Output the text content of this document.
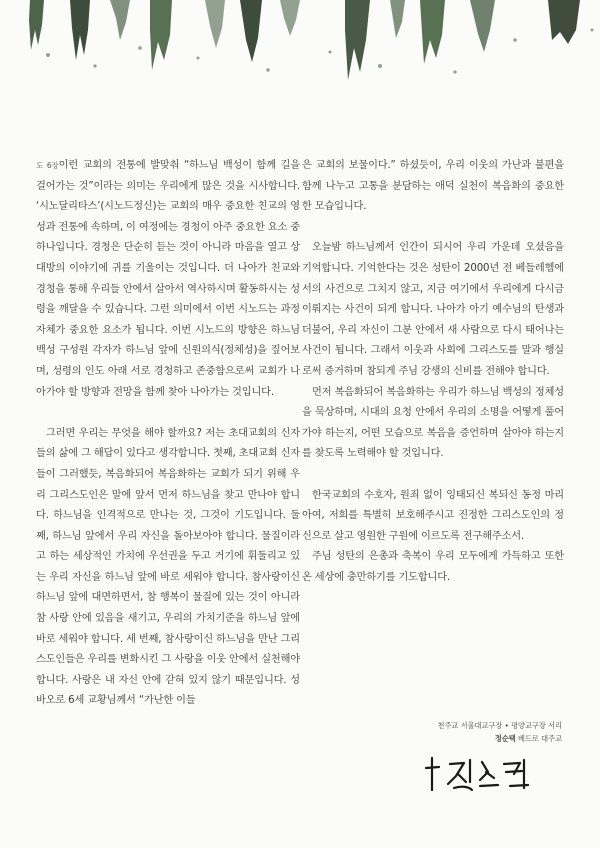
도 6장이런 교회의 전통에 발맞춰 “하느님 백성이 함께 길을 걸어가는 것”이라는 의미는 우리에게 많은 것을 시사합니다. ‘시노달리타스’(시노드정신)는 교회의 매우 중요한 친교의 영성과 전통에 속하며, 이 여정에는 경청이 아주 중요한 요소 중 하나입니다. 경청은 단순히 듣는 것이 아니라 마음을 열고 상대방의 이야기에 귀를 기울이는 것입니다. 더 나아가 친교와 경청을 통해 우리들 안에서 살아서 역사하시며 활동하시는 성령을 깨달을 수 있습니다. 그런 의미에서 이번 시노드는 과정 자체가 중요한 요소가 됩니다. 이번 시노드의 방향은 하느님 백성 구성원 각자가 하느님 앞에 신원의식(정체성)을 짚어보며, 성령의 인도 아래 서로 경청하고 존중함으로써 교회가 나아가야 할 방향과 전망을 함께 찾아 나아가는 것입니다.

그러면 우리는 무엇을 해야 할까요? 저는 초대교회의 신자들의 삶에 그 해답이 있다고 생각합니다. 첫째, 초대교회 신자들이 그러했듯, 복음화되어 복음화하는 교회가 되기 위해 우리 그리스도인은 말에 앞서 먼저 하느님을 찾고 만나야 합니다. 하느님을 인격적으로 만나는 것, 그것이 기도입니다. 둘째, 하느님 앞에서 우리 자신을 돌아보아야 합니다. 물질이라고 하는 세상적인 가치에 우선권을 두고 거기에 휘둘리고 있는 우리 자신을 하느님 앞에 바로 세워야 합니다. 참사랑이신 하느님 앞에 대면하면서, 참 행복이 물질에 있는 것이 아니라 참 사랑 안에 있음을 새기고, 우리의 가치기준을 하느님 앞에 바로 세워야 합니다. 세 번째, 참사랑이신 하느님을 만난 그리스도인들은 우리를 변화시킨 그 사랑을 이웃 안에서 실천해야 합니다. 사랑은 내 자신 안에 갇혀 있지 않기 때문입니다. 성 바오로 6세 교황님께서 “가난한 이들

은 교회의 보물이다.” 하셨듯이, 우리 이웃의 가난과 불편을 함께 나누고 고통을 분담하는 애덕 실천이 복음화의 중요한 한 모습입니다.

오늘밤 하느님께서 인간이 되시어 우리 가운데 오셨음을 기억합니다. 기억한다는 것은 성탄이 2000년 전 베들레헴에서의 사건으로 그치지 않고, 지금 여기에서 우리에게 다시금 이뤄지는 사건이 되게 합니다. 나아가 아기 예수님의 탄생과 더불어, 우리 자신이 그분 안에서 새 사람으로 다시 태어나는 사건이 됩니다. 그래서 이웃과 사회에 그리스도를 말과 행실로써 증거하며 참되게 주님 강생의 신비를 전해야 합니다.

먼저 복음화되어 복음화하는 우리가 하느님 백성의 정체성을 묵상하며, 시대의 요청 안에서 우리의 소명을 어떻게 풀어가야 하는지, 어떤 모습으로 복음을 증언하며 살아야 하는지를 찾도록 노력해야 할 것입니다.

한국교회의 수호자, 원죄 없이 잉태되신 복되신 동정 마리아여, 저희를 특별히 보호해주시고 진정한 그리스도인의 정신으로 살고 영원한 구원에 이르도록 전구해주소서.

주님 성탄의 은총과 축복이 우리 모두에게 가득하고 또한 온 세상에 충만하기를 기도합니다.

천주교 서울대교구장 • 평양교구장 서리
정순택 베드로 대주교
